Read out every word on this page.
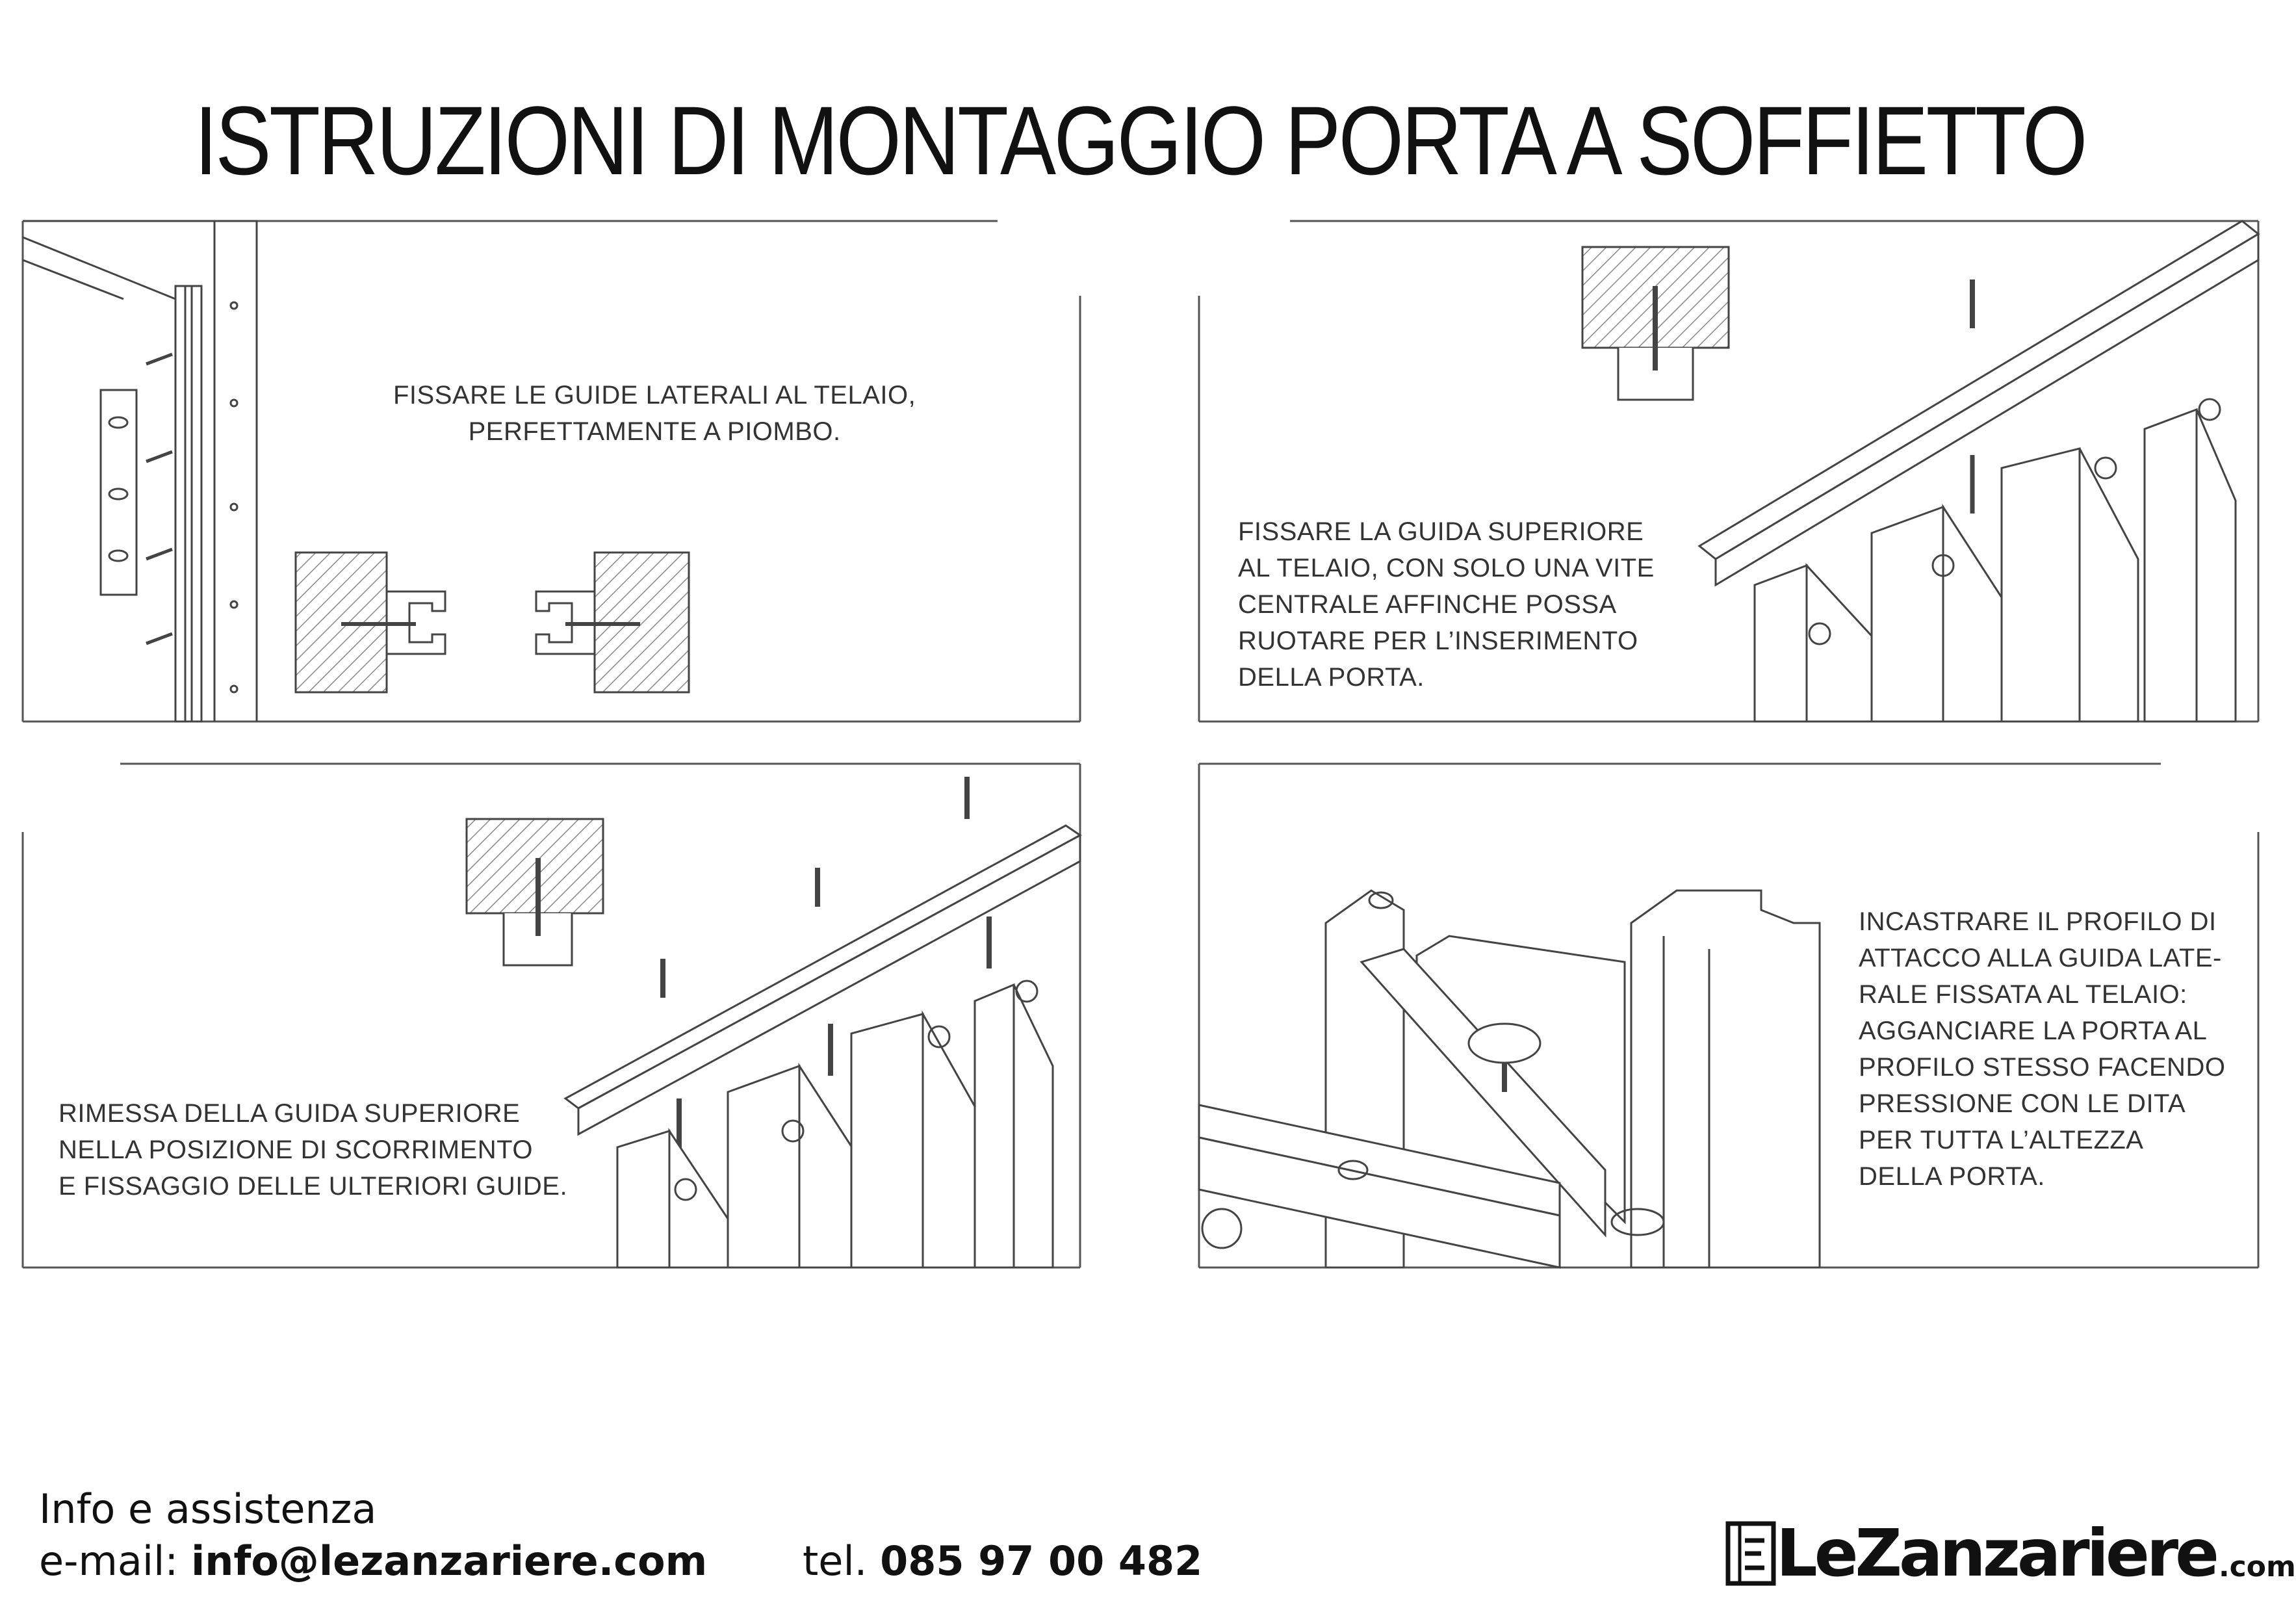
ISTRUZIONI DI MONTAGGIO PORTA A SOFFIETTO
FISSARE LE GUIDE LATERALI AL TELAIO,
PERFETTAMENTE A PIOMBO.
FISSARE LA GUIDA SUPERIORE
AL TELAIO, CON SOLO UNA VITE
CENTRALE AFFINCHE POSSA
RUOTARE PER L’INSERIMENTO
DELLA PORTA.
RIMESSA DELLA GUIDA SUPERIORE
NELLA POSIZIONE DI SCORRIMENTO
E FISSAGGIO DELLE ULTERIORI GUIDE.
INCASTRARE IL PROFILO DI
ATTACCO ALLA GUIDA LATE-
RALE FISSATA AL TELAIO:
AGGANCIARE LA PORTA AL
PROFILO STESSO FACENDO
PRESSIONE CON LE DITA
PER TUTTA L’ALTEZZA
DELLA PORTA.
Info e assistenza
e-mail: info@lezanzariere.com tel. 085 97 00 482	LeZanzariere .com
